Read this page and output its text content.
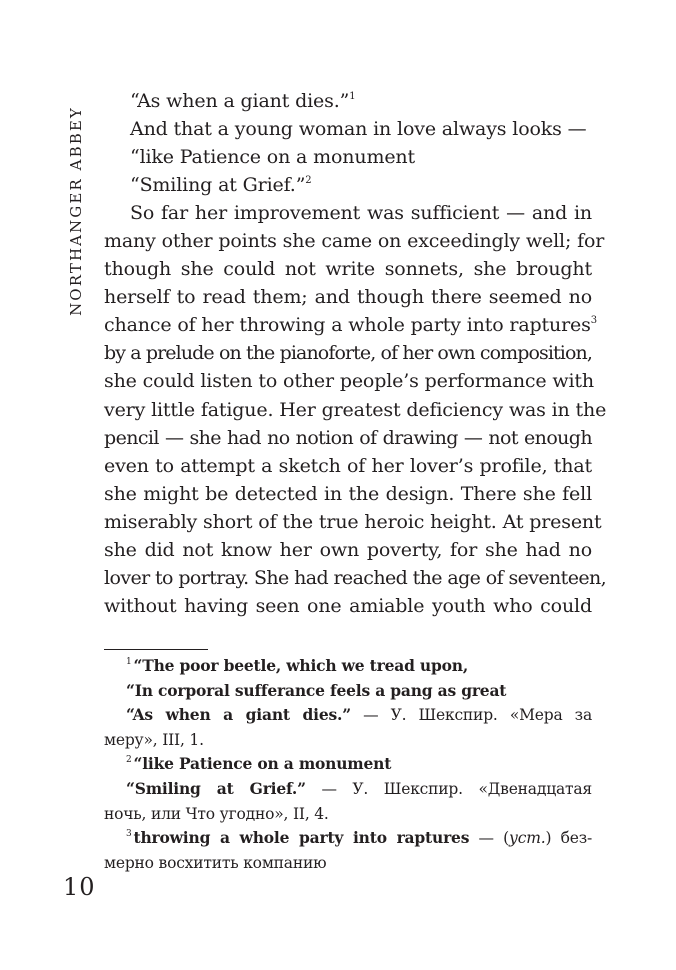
NORTHANGER ABBEY
“As when a giant dies.”$^1$
And that a young woman in love always looks —
“like Patience on a monument
“Smiling at Grief.”$^2$
So far her improvement was sufficient — and in
many other points she came on exceedingly well; for
though she could not write sonnets, she brought
herself to read them; and though there seemed no
chance of her throwing a whole party into raptures$^3$
by a prelude on the pianoforte, of her own composition,
she could listen to other people’s performance with
very little fatigue. Her greatest deficiency was in the
pencil — she had no notion of drawing — not enough
even to attempt a sketch of her lover’s profile, that
she might be detected in the design. There she fell
miserably short of the true heroic height. At present
she did not know her own poverty, for she had no
lover to portray. She had reached the age of seventeen,
without having seen one amiable youth who could
$^1$ “The poor beetle, which we tread upon,
“In corporal sufferance feels a pang as great
“As when a giant dies.” — У. Шекспир. «Мера за
меру», III, 1.
$^2$ “like Patience on a monument
“Smiling at Grief.” — У. Шекспир. «Двенадцатая
ночь, или Что угодно», II, 4.
$^3$ throwing a whole party into raptures — (уст.) без-
мерно восхитить компанию
10
